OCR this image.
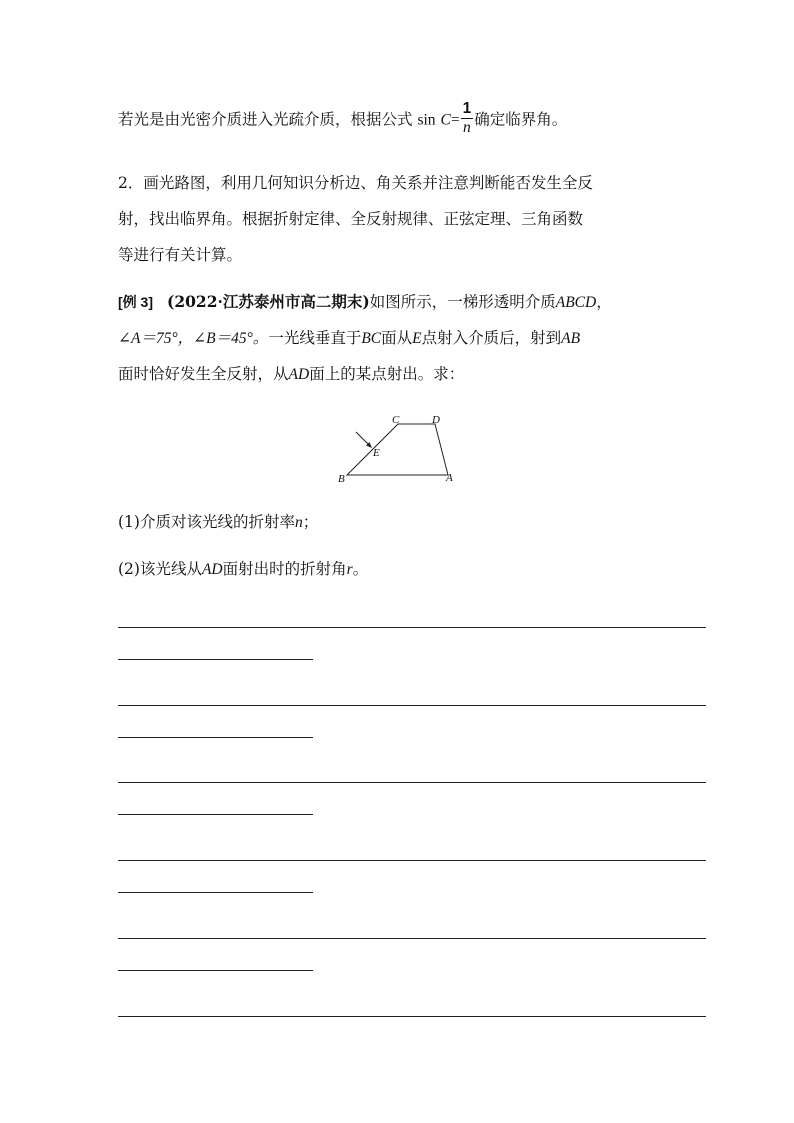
若光是由光密介质进入光疏介质，根据公式 $\sin C= \frac{1}{n}$ 确定临界角。
2．画光路图，利用几何知识分析边、角关系并注意判断能否发生全反
射，找出临界角。根据折射定律、全反射规律、正弦定理、三角函数
等进行有关计算。
[例 3] (2022·江苏泰州市高二期末)如图所示，一梯形透明介质ABCD，
∠A＝75°，∠B＝45°。一光线垂直于BC面从E点射入介质后，射到AB
面时恰好发生全反射，从AD面上的某点射出。求：
C	D
E
B	A
(1)介质对该光线的折射率n；
(2)该光线从AD面射出时的折射角r。
